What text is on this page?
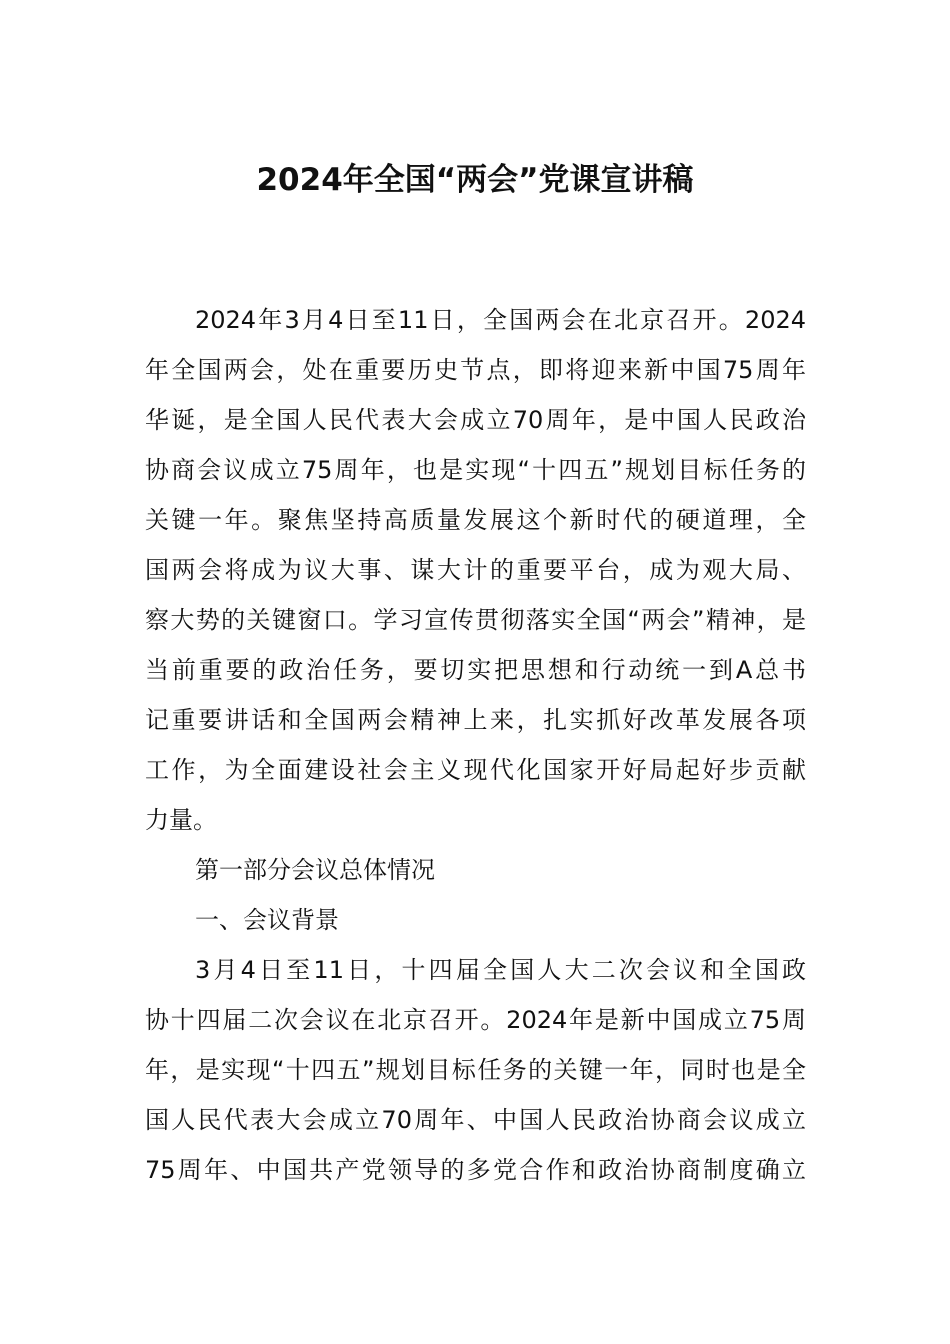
2024年全国“两会”党课宣讲稿
2024年3月4日至11日，全国两会在北京召开。2024
年全国两会，处在重要历史节点，即将迎来新中国75周年
华诞，是全国人民代表大会成立70周年，是中国人民政治
协商会议成立75周年，也是实现“十四五”规划目标任务的
关键一年。聚焦坚持高质量发展这个新时代的硬道理，全
国两会将成为议大事、谋大计的重要平台，成为观大局、
察大势的关键窗口。学习宣传贯彻落实全国“两会”精神，是
当前重要的政治任务，要切实把思想和行动统一到A总书
记重要讲话和全国两会精神上来，扎实抓好改革发展各项
工作，为全面建设社会主义现代化国家开好局起好步贡献
力量。
第一部分会议总体情况
一、会议背景
3月4日至11日，十四届全国人大二次会议和全国政
协十四届二次会议在北京召开。2024年是新中国成立75周
年，是实现“十四五”规划目标任务的关键一年，同时也是全
国人民代表大会成立70周年、中国人民政治协商会议成立
75周年、中国共产党领导的多党合作和政治协商制度确立
